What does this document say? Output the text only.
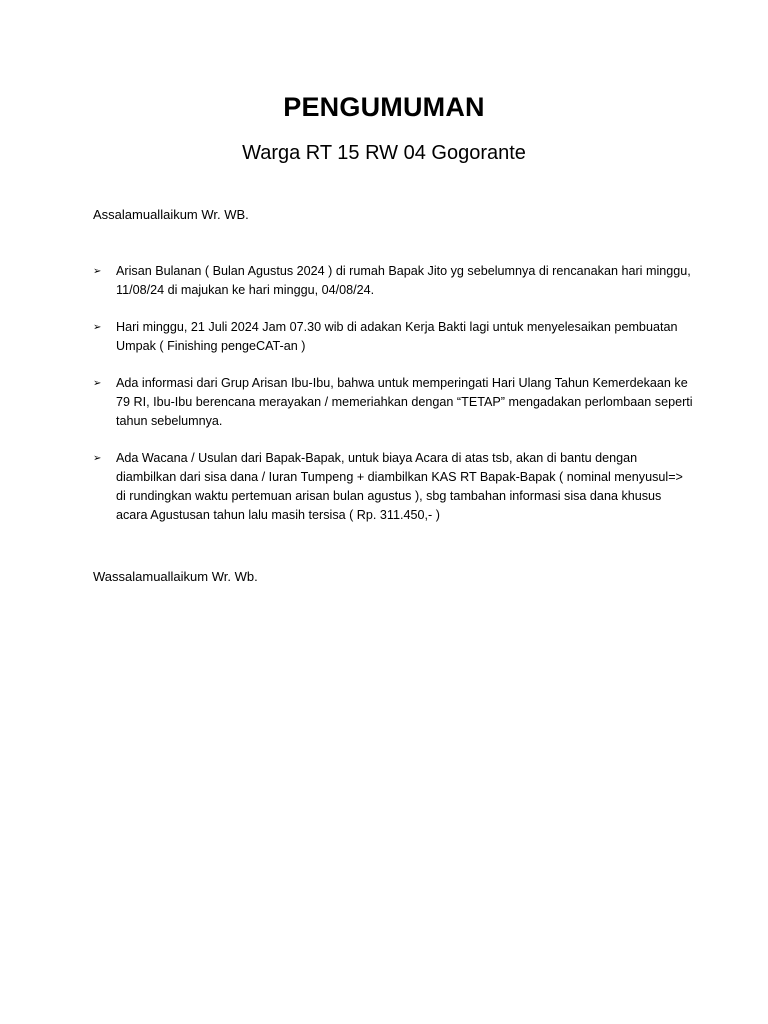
PENGUMUMAN
Warga RT 15 RW 04 Gogorante
Assalamuallaikum Wr. WB.
➢ Arisan Bulanan ( Bulan Agustus 2024 ) di rumah Bapak Jito yg sebelumnya di rencanakan hari minggu, 11/08/24 di majukan ke hari minggu, 04/08/24.
➢ Hari minggu, 21 Juli 2024 Jam 07.30 wib di adakan Kerja Bakti lagi untuk menyelesaikan pembuatan Umpak ( Finishing pengeCAT-an )
➢ Ada informasi dari Grup Arisan Ibu-Ibu, bahwa untuk memperingati Hari Ulang Tahun Kemerdekaan ke 79 RI, Ibu-Ibu berencana merayakan / memeriahkan dengan “TETAP” mengadakan perlombaan seperti tahun sebelumnya.
➢ Ada Wacana / Usulan dari Bapak-Bapak, untuk biaya Acara di atas tsb, akan di bantu dengan diambilkan dari sisa dana / Iuran Tumpeng + diambilkan KAS RT Bapak-Bapak ( nominal menyusul=> di rundingkan waktu pertemuan arisan bulan agustus ), sbg tambahan informasi sisa dana khusus acara Agustusan tahun lalu masih tersisa ( Rp. 311.450,- )
Wassalamuallaikum Wr. Wb.
